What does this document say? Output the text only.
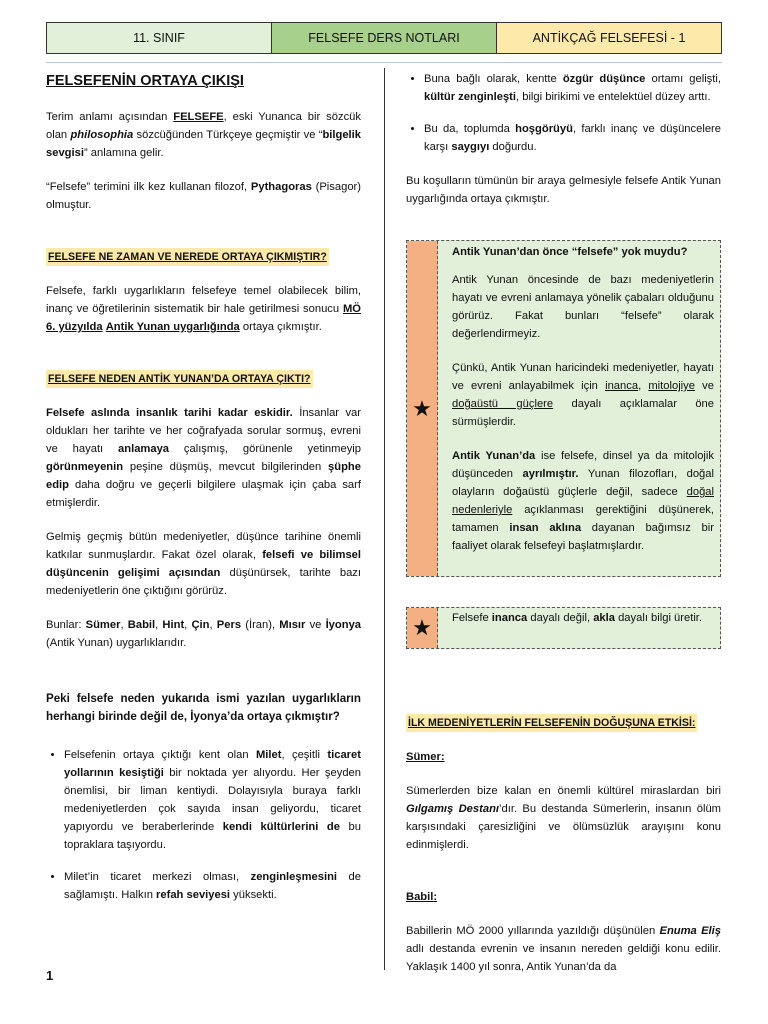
11. SINIF	FELSEFE DERS NOTLARI	ANTİKÇAĞ FELSEFESİ - 1
FELSEFENİN ORTAYA ÇIKIŞI

Terim anlamı açısından FELSEFE, eski Yunanca bir sözcük olan philosophia sözcüğünden Türkçeye geçmiştir ve “bilgelik sevgisi” anlamına gelir.

“Felsefe” terimini ilk kez kullanan filozof, Pythagoras (Pisagor) olmuştur.

FELSEFE NE ZAMAN VE NEREDE ORTAYA ÇIKMIŞTIR?

Felsefe, farklı uygarlıkların felsefeye temel olabilecek bilim, inanç ve öğretilerinin sistematik bir hale getirilmesi sonucu MÖ 6. yüzyılda Antik Yunan uygarlığında ortaya çıkmıştır.

FELSEFE NEDEN ANTİK YUNAN’DA ORTAYA ÇIKTI?

Felsefe aslında insanlık tarihi kadar eskidir. İnsanlar var oldukları her tarihte ve her coğrafyada sorular sormuş, evreni ve hayatı anlamaya çalışmış, görünenle yetinmeyip görünmeyenin peşine düşmüş, mevcut bilgilerinden şüphe edip daha doğru ve geçerli bilgilere ulaşmak için çaba sarf etmişlerdir.

Gelmiş geçmiş bütün medeniyetler, düşünce tarihine önemli katkılar sunmuşlardır. Fakat özel olarak, felsefi ve bilimsel düşüncenin gelişimi açısından düşünürsek, tarihte bazı medeniyetlerin öne çıktığını görürüz.

Bunlar: Sümer, Babil, Hint, Çin, Pers (İran), Mısır ve İyonya (Antik Yunan) uygarlıklarıdır.

Peki felsefe neden yukarıda ismi yazılan uygarlıkların herhangi birinde değil de, İyonya’da ortaya çıkmıştır?

• Felsefenin ortaya çıktığı kent olan Milet, çeşitli ticaret yollarının kesiştiği bir noktada yer alıyordu. Her şeyden önemlisi, bir liman kentiydi. Dolayısıyla buraya farklı medeniyetlerden çok sayıda insan geliyordu, ticaret yapıyordu ve beraberlerinde kendi kültürlerini de bu topraklara taşıyordu.
• Milet’in ticaret merkezi olması, zenginleşmesini de sağlamıştı. Halkın refah seviyesi yüksekti.
• Buna bağlı olarak, kentte özgür düşünce ortamı gelişti, kültür zenginleşti, bilgi birikimi ve entelektüel düzey arttı.
• Bu da, toplumda hoşgörüyü, farklı inanç ve düşüncelere karşı saygıyı doğurdu.

Bu koşulların tümünün bir araya gelmesiyle felsefe Antik Yunan uygarlığında ortaya çıkmıştır.

★

Antik Yunan’dan önce “felsefe” yok muydu?

Antik Yunan öncesinde de bazı medeniyetlerin hayatı ve evreni anlamaya yönelik çabaları olduğunu görürüz. Fakat bunları “felsefe” olarak değerlendirmeyiz.

Çünkü, Antik Yunan haricindeki medeniyetler, hayatı ve evreni anlayabilmek için inanca, mitolojiye ve doğaüstü güçlere dayalı açıklamalar öne sürmüşlerdir.

Antik Yunan’da ise felsefe, dinsel ya da mitolojik düşünceden ayrılmıştır. Yunan filozofları, doğal olayların doğaüstü güçlerle değil, sadece doğal nedenleriyle açıklanması gerektiğini düşünerek, tamamen insan aklına dayanan bağımsız bir faaliyet olarak felsefeyi başlatmışlardır.

★	Felsefe inanca dayalı değil, akla dayalı bilgi üretir.

İLK MEDENİYETLERİN FELSEFENİN DOĞUŞUNA ETKİSİ:

Sümer:

Sümerlerden bize kalan en önemli kültürel miraslardan biri Gılgamış Destanı’dır. Bu destanda Sümerlerin, insanın ölüm karşısındaki çaresizliğini ve ölümsüzlük arayışını konu edinmişlerdi.

Babil:

Babillerin MÖ 2000 yıllarında yazıldığı düşünülen Enuma Eliş adlı destanda evrenin ve insanın nereden geldiği konu edilir. Yaklaşık 1400 yıl sonra, Antik Yunan’da da

1
